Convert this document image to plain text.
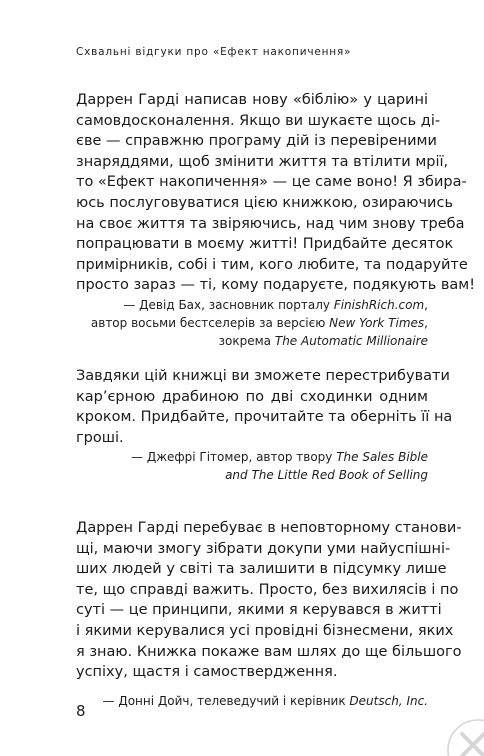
Схвальні відгуки про «Ефект накопичення»
Даррен Гарді написав нову «біблію» у царині
самовдосконалення. Якщо ви шукаєте щось ді-
єве — справжню програму дій із перевіреними
знаряддями, щоб змінити життя та втілити мрії,
то «Ефект накопичення» — це саме воно! Я збира-
юсь послуговуватися цією книжкою, озираючись
на своє життя та звіряючись, над чим знову треба
попрацювати в моєму житті! Придбайте десяток
примірників, собі і тим, кого любите, та подаруйте
просто зараз — ті, кому подаруєте, подякують вам!
— Девід Бах, засновник порталу FinishRich.com,
автор восьми бестселерів за версією New York Times,
зокрема The Automatic Millionaire
Завдяки цій книжці ви зможете перестрибувати
кар’єрною драбиною по дві сходинки одним
кроком. Придбайте, прочитайте та оберніть її на
гроші.
— Джефрі Гітомер, автор твору The Sales Bible
and The Little Red Book of Selling
Даррен Гарді перебуває в неповторному станови-
щі, маючи змогу зібрати докупи уми найуспішні-
ших людей у світі та залишити в підсумку лише
те, що справді важить. Просто, без вихилясів і по
суті — це принципи, якими я керувався в житті
і якими керувалися усі провідні бізнесмени, яких
я знаю. Книжка покаже вам шлях до ще більшого
успіху, щастя і самоствердження.
— Донні Дойч, телеведучий і керівник Deutsch, Inc.
8
